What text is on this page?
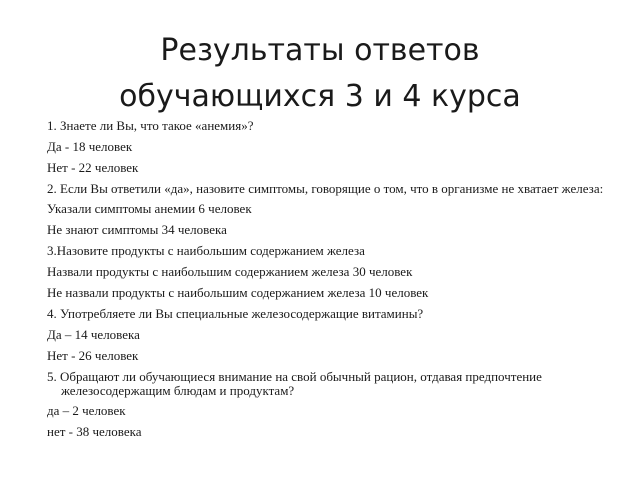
Результаты ответов
обучающихся 3 и 4 курса

1. Знаете ли Вы, что такое «анемия»?

Да - 18 человек

Нет - 22 человек

2. Если Вы ответили «да», назовите симптомы, говорящие о том, что в организме не хватает железа:

Указали симптомы анемии 6 человек

Не знают симптомы 34 человека

3.Назовите продукты с наибольшим содержанием железа

Назвали продукты с наибольшим содержанием железа 30 человек

Не назвали продукты с наибольшим содержанием железа 10 человек

4. Употребляете ли Вы специальные железосодержащие витамины?

Да – 14 человека

Нет - 26 человек

5. Обращают ли обучающиеся внимание на свой обычный рацион, отдавая предпочтение железосодержащим блюдам и продуктам?

да – 2 человек

нет - 38 человека
